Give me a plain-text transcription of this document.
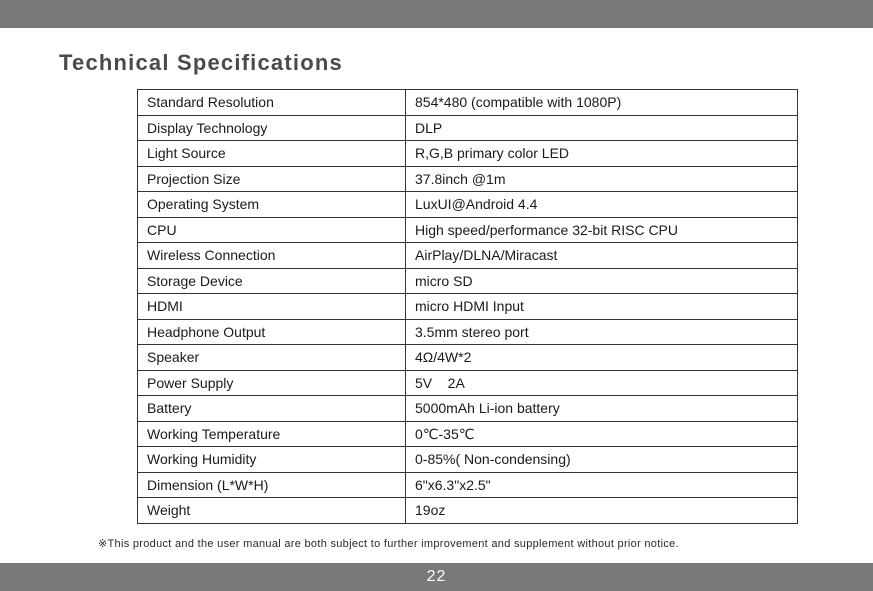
Technical Specifications
Standard Resolution	854*480 (compatible with 1080P)
Display Technology	DLP
Light Source	R,G,B primary color LED
Projection Size	37.8inch @1m
Operating System	LuxUI@Android 4.4
CPU	High speed/performance 32-bit RISC CPU
Wireless Connection	AirPlay/DLNA/Miracast
Storage Device	micro SD
HDMI	micro HDMI Input
Headphone Output	3.5mm stereo port
Speaker	4Ω/4W*2
Power Supply	5V    2A
Battery	5000mAh Li-ion battery
Working Temperature	0℃-35℃
Working Humidity	0-85%( Non-condensing)
Dimension (L*W*H)	6"x6.3"x2.5"
Weight	19oz

※This product and the user manual are both subject to further improvement and supplement without prior notice.

22
